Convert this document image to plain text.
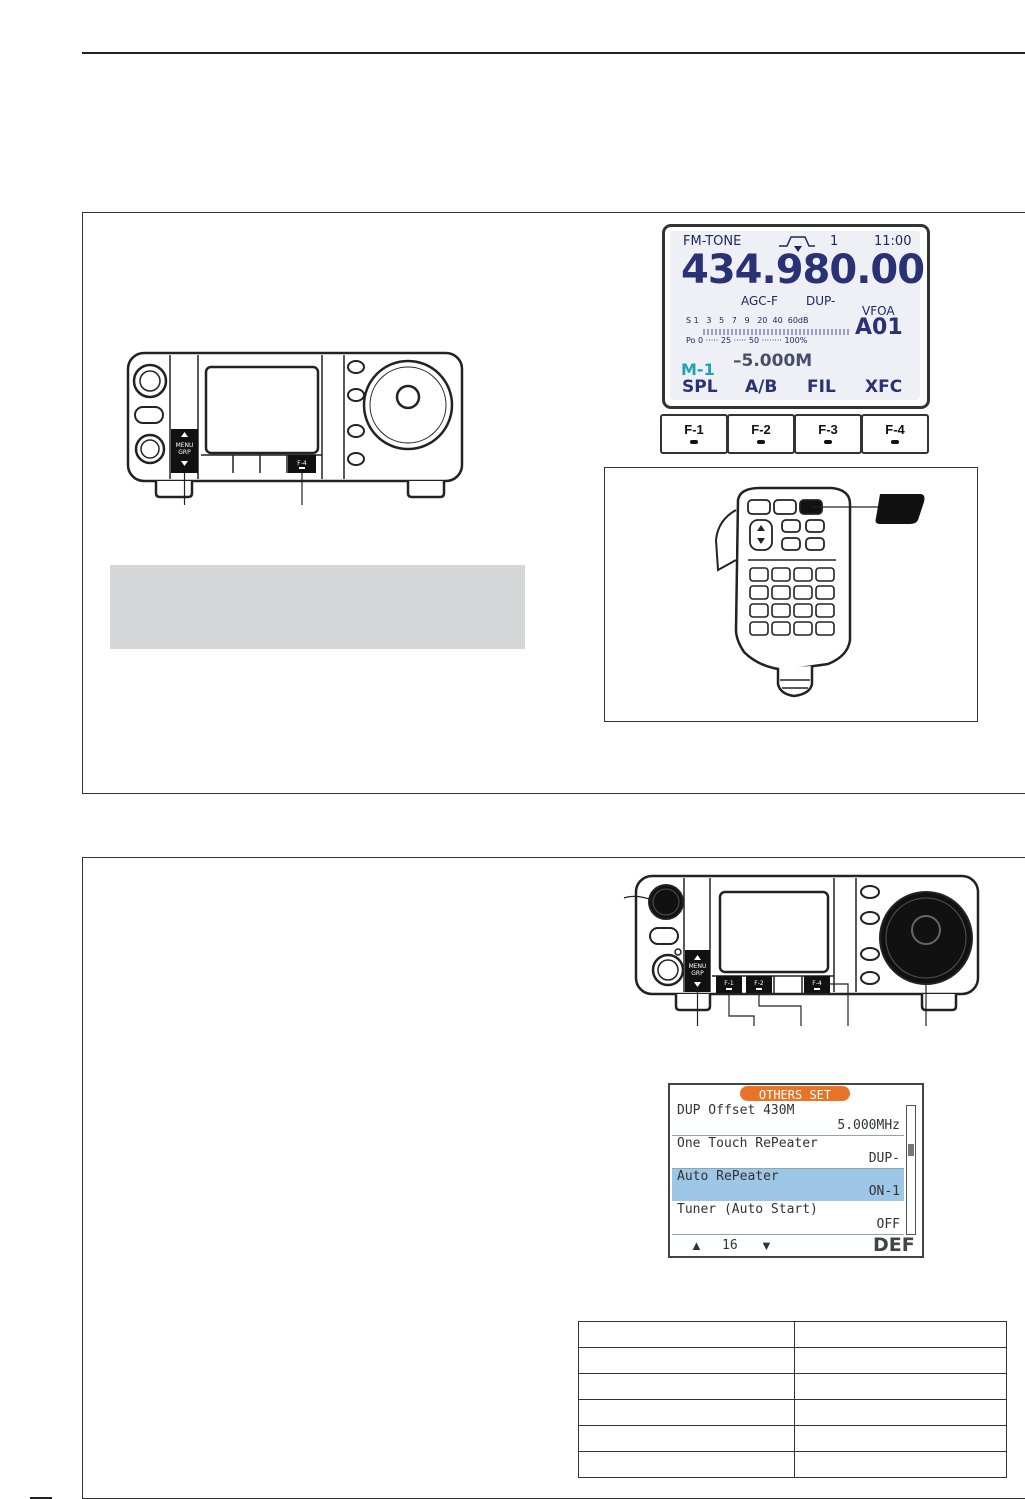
MENU
GRP
F-4
FM-TONE	1	11:00
434.980.00
AGC-F DUP-
VFOA
A01
S 1   3   5   7   9   20  40  60dB
Po 0 ····· 25 ····· 50 ········ 100%
M-1 –5.000M
SPL A/B FIL XFC
F-1	F-2	F-3	F-4
MENU
GRP
F-1	F-2	F-4
OTHERS SET
DUP Offset 430M
5.000MHz
One Touch RePeater
DUP-
Auto RePeater
ON-1
Tuner (Auto Start)
OFF
▲ 16 ▼	DEF
